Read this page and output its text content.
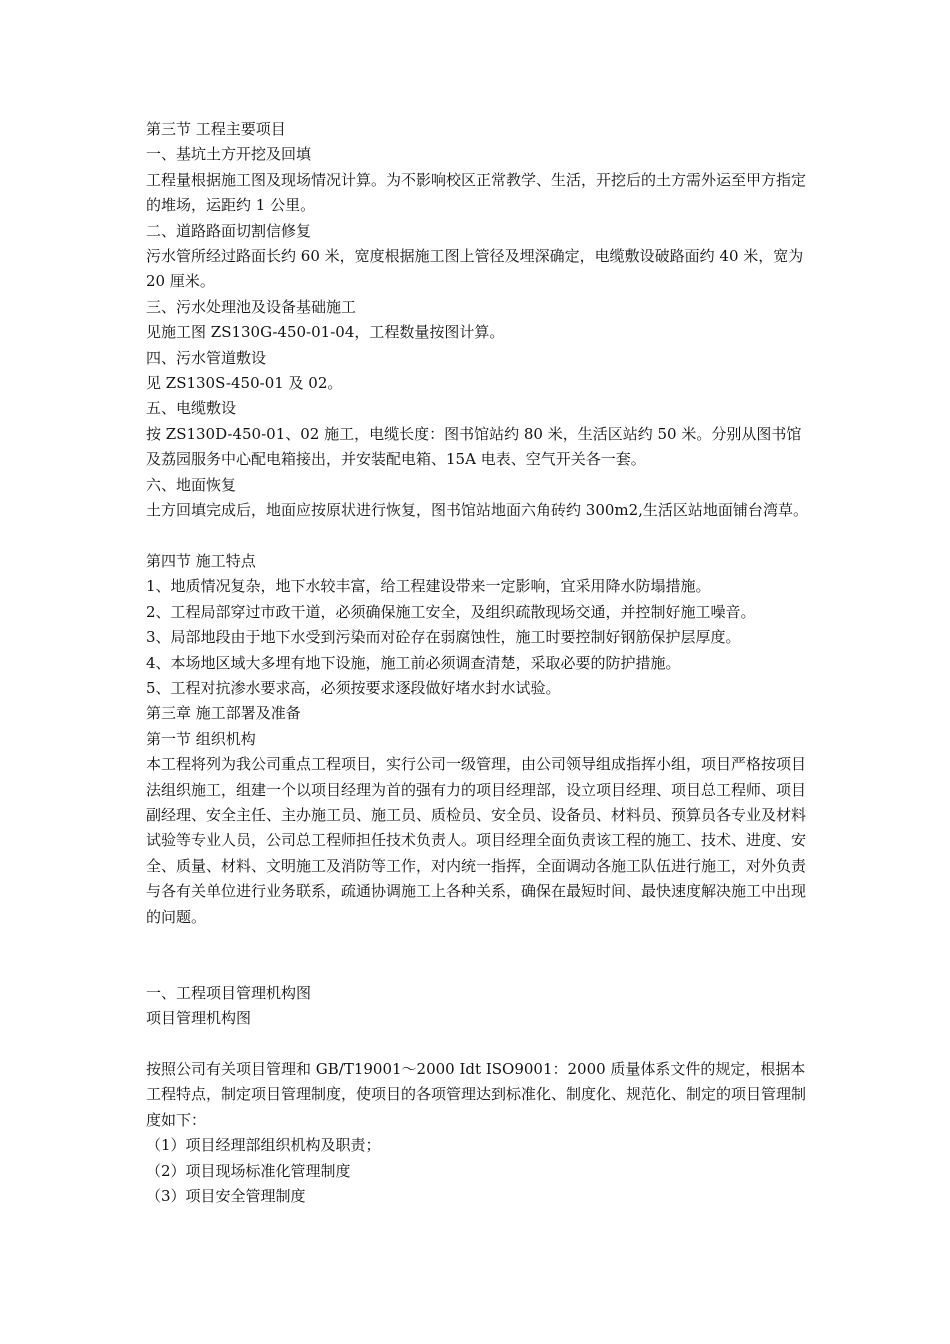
第三节 工程主要项目

一、基坑土方开挖及回填

工程量根据施工图及现场情况计算。为不影响校区正常教学、生活，开挖后的土方需外运至甲方指定的堆场，运距约 1 公里。

二、道路路面切割信修复

污水管所经过路面长约 60 米，宽度根据施工图上管径及埋深确定，电缆敷设破路面约 40 米，宽为 20 厘米。

三、污水处理池及设备基础施工

见施工图 ZS130G-450-01-04，工程数量按图计算。

四、污水管道敷设

见 ZS130S-450-01 及 02。

五、电缆敷设

按 ZS130D-450-01、02 施工，电缆长度：图书馆站约 80 米，生活区站约 50 米。分别从图书馆及荔园服务中心配电箱接出，并安装配电箱、15A 电表、空气开关各一套。

六、地面恢复

土方回填完成后，地面应按原状进行恢复，图书馆站地面六角砖约 300m2,生活区站地面铺台湾草。

第四节 施工特点

1、地质情况复杂，地下水较丰富，给工程建设带来一定影响，宜采用降水防塌措施。

2、工程局部穿过市政干道，必须确保施工安全，及组织疏散现场交通，并控制好施工噪音。

3、局部地段由于地下水受到污染而对砼存在弱腐蚀性，施工时要控制好钢筋保护层厚度。

4、本场地区域大多埋有地下设施，施工前必须调查清楚，采取必要的防护措施。

5、工程对抗渗水要求高，必须按要求逐段做好堵水封水试验。

第三章 施工部署及准备

第一节 组织机构

本工程将列为我公司重点工程项目，实行公司一级管理，由公司领导组成指挥小组，项目严格按项目法组织施工，组建一个以项目经理为首的强有力的项目经理部，设立项目经理、项目总工程师、项目副经理、安全主任、主办施工员、施工员、质检员、安全员、设备员、材料员、预算员各专业及材料试验等专业人员，公司总工程师担任技术负责人。项目经理全面负责该工程的施工、技术、进度、安全、质量、材料、文明施工及消防等工作，对内统一指挥，全面调动各施工队伍进行施工，对外负责与各有关单位进行业务联系，疏通协调施工上各种关系，确保在最短时间、最快速度解决施工中出现的问题。

一、工程项目管理机构图

项目管理机构图

按照公司有关项目管理和 GB/T19001～2000 Idt ISO9001：2000 质量体系文件的规定，根据本工程特点，制定项目管理制度，使项目的各项管理达到标准化、制度化、规范化、制定的项目管理制度如下：

（1）项目经理部组织机构及职责；

（2）项目现场标准化管理制度

（3）项目安全管理制度
